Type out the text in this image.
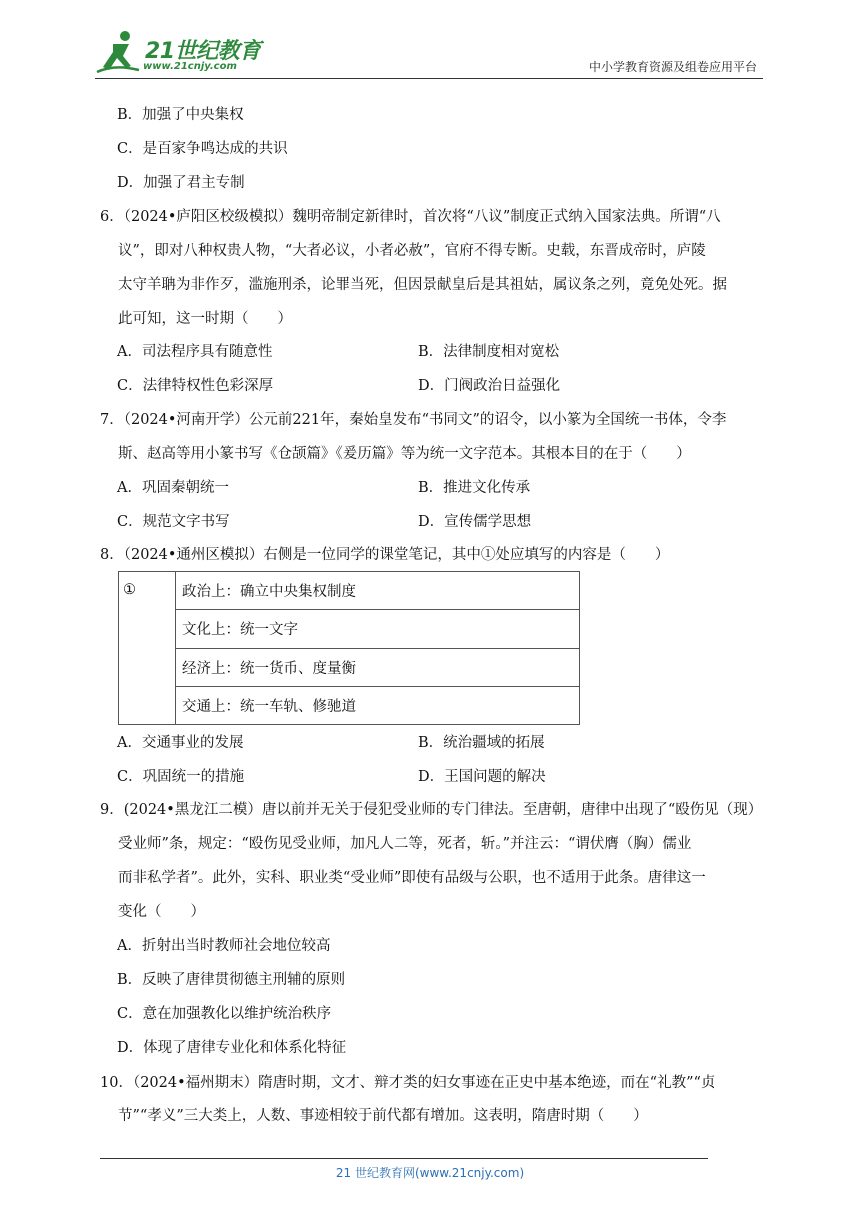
21世纪教育
www.21cnjy.com	中小学教育资源及组卷应用平台
B．加强了中央集权
C．是百家争鸣达成的共识
D．加强了君主专制
6．（2024•庐阳区校级模拟）魏明帝制定新律时，首次将“八议”制度正式纳入国家法典。所谓“八
议”，即对八种权贵人物，“大者必议，小者必赦”，官府不得专断。史载，东晋成帝时，庐陵
太守羊聃为非作歹，滥施刑杀，论罪当死，但因景献皇后是其祖姑，属议条之列，竟免处死。据
此可知，这一时期（　　）
A．司法程序具有随意性	B．法律制度相对宽松
C．法律特权性色彩深厚	D．门阀政治日益强化
7．（2024•河南开学）公元前221年，秦始皇发布“书同文”的诏令，以小篆为全国统一书体，令李
斯、赵高等用小篆书写《仓颉篇》《爰历篇》等为统一文字范本。其根本目的在于（　　）
A．巩固秦朝统一	B．推进文化传承
C．规范文字书写	D．宣传儒学思想
8．（2024•通州区模拟）右侧是一位同学的课堂笔记，其中①处应填写的内容是（　　）
①	政治上：确立中央集权制度
文化上：统一文字
经济上：统一货币、度量衡
交通上：统一车轨、修驰道
A．交通事业的发展	B．统治疆域的拓展
C．巩固统一的措施	D．王国问题的解决
9．(2024•黑龙江二模）唐以前并无关于侵犯受业师的专门律法。至唐朝，唐律中出现了“殴伤见（现）
受业师”条，规定：“殴伤见受业师，加凡人二等，死者，斩。”并注云：“谓伏膺（胸）儒业
而非私学者”。此外，实科、职业类“受业师”即使有品级与公职，也不适用于此条。唐律这一
变化（　　）
A．折射出当时教师社会地位较高
B．反映了唐律贯彻德主刑辅的原则
C．意在加强教化以维护统治秩序
D．体现了唐律专业化和体系化特征
10．（2024•福州期末）隋唐时期，文才、辩才类的妇女事迹在正史中基本绝迹，而在“礼教”“贞
节”“孝义”三大类上，人数、事迹相较于前代都有增加。这表明，隋唐时期（　　）
21 世纪教育网(www.21cnjy.com)
